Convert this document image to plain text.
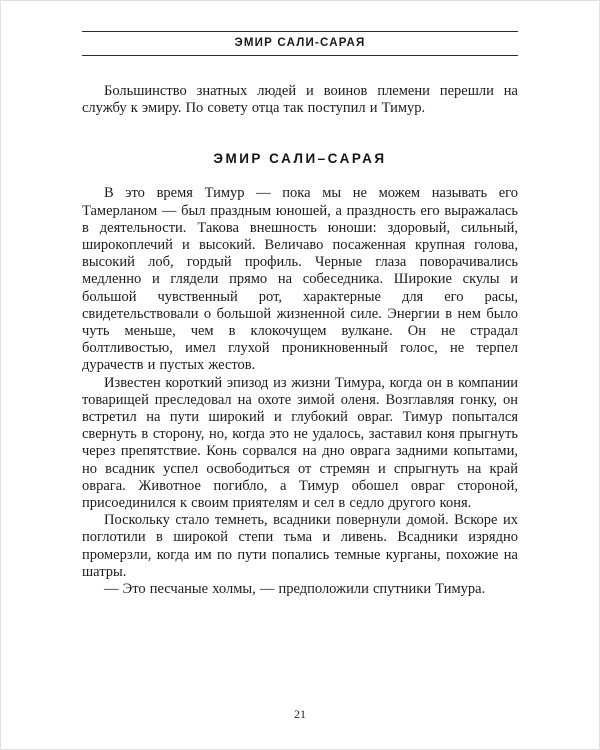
ЭМИР САЛИ-САРАЯ

Большинство знатных людей и воинов племени перешли на службу к эмиру. По совету отца так поступил и Тимур.

ЭМИР САЛИ–САРАЯ

В это время Тимур — пока мы не можем называть его Тамерланом — был праздным юношей, а праздность его выражалась в деятельности. Такова внешность юноши: здоровый, сильный, широкоплечий и высокий. Величаво посаженная крупная голова, высокий лоб, гордый профиль. Черные глаза поворачивались медленно и глядели прямо на собеседника. Широкие скулы и большой чувственный рот, характерные для его расы, свидетельствовали о большой жизненной силе. Энергии в нем было чуть меньше, чем в клокочущем вулкане. Он не страдал болтливостью, имел глухой проникновенный голос, не терпел дурачеств и пустых жестов.

Известен короткий эпизод из жизни Тимура, когда он в компании товарищей преследовал на охоте зимой оленя. Возглавляя гонку, он встретил на пути широкий и глубокий овраг. Тимур попытался свернуть в сторону, но, когда это не удалось, заставил коня прыгнуть через препятствие. Конь сорвался на дно оврага задними копытами, но всадник успел освободиться от стремян и спрыгнуть на край оврага. Животное погибло, а Тимур обошел овраг стороной, присоединился к своим приятелям и сел в седло другого коня.

Поскольку стало темнеть, всадники повернули домой. Вскоре их поглотили в широкой степи тьма и ливень. Всадники изрядно промерзли, когда им по пути попались темные курганы, похожие на шатры.

— Это песчаные холмы, — предположили спутники Тимура.

21
